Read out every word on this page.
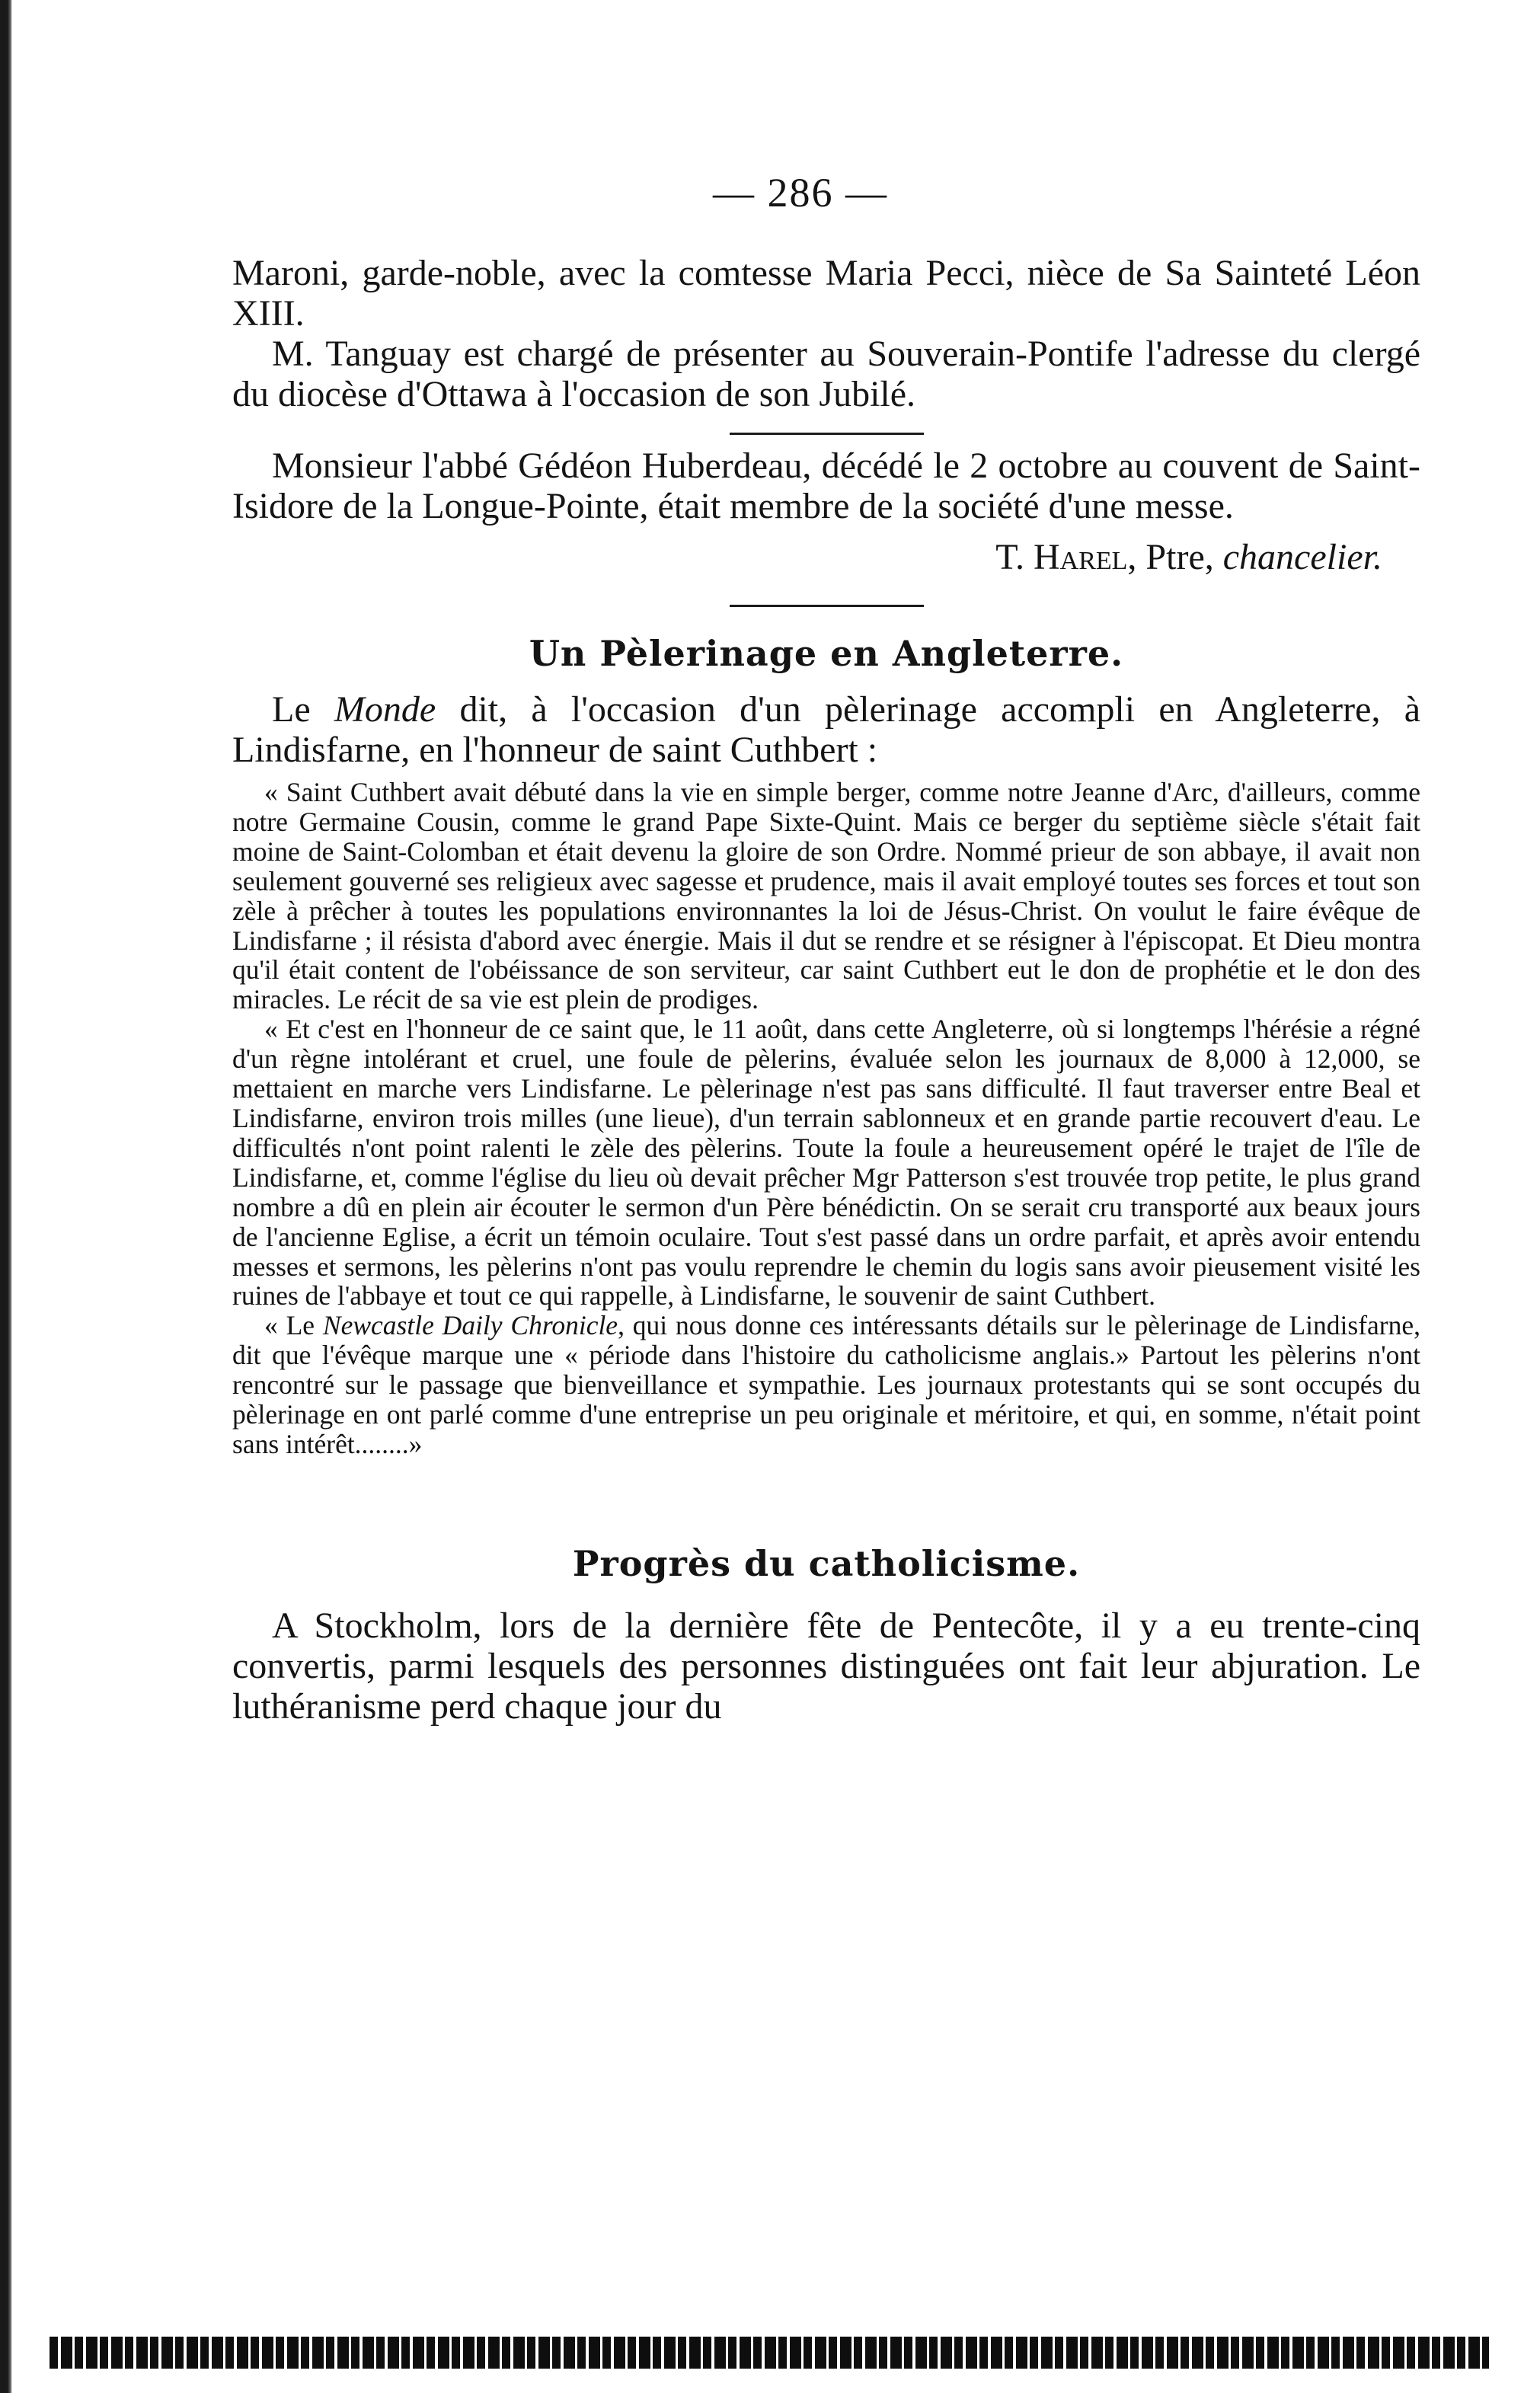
— 286 —

Maroni, garde-noble, avec la comtesse Maria Pecci, nièce de Sa Sainteté Léon XIII.

M. Tanguay est chargé de présenter au Souverain-Pontife l'adresse du clergé du diocèse d'Ottawa à l'occasion de son Jubilé.

Monsieur l'abbé Gédéon Huberdeau, décédé le 2 octobre au couvent de Saint-Isidore de la Longue-Pointe, était membre de la société d'une messe.

T. Harel, Ptre, chancelier.

Un Pèlerinage en Angleterre.

Le Monde dit, à l'occasion d'un pèlerinage accompli en Angleterre, à Lindisfarne, en l'honneur de saint Cuthbert :

« Saint Cuthbert avait débuté dans la vie en simple berger, comme notre Jeanne d'Arc, d'ailleurs, comme notre Germaine Cousin, comme le grand Pape Sixte-Quint. Mais ce berger du septième siècle s'était fait moine de Saint-Colomban et était devenu la gloire de son Ordre. Nommé prieur de son abbaye, il avait non seulement gouverné ses religieux avec sagesse et prudence, mais il avait employé toutes ses forces et tout son zèle à prêcher à toutes les populations environnantes la loi de Jésus-Christ. On voulut le faire évêque de Lindisfarne ; il résista d'abord avec énergie. Mais il dut se rendre et se résigner à l'épiscopat. Et Dieu montra qu'il était content de l'obéissance de son serviteur, car saint Cuthbert eut le don de prophétie et le don des miracles. Le récit de sa vie est plein de prodiges.

« Et c'est en l'honneur de ce saint que, le 11 août, dans cette Angleterre, où si longtemps l'hérésie a régné d'un règne intolérant et cruel, une foule de pèlerins, évaluée selon les journaux de 8,000 à 12,000, se mettaient en marche vers Lindisfarne. Le pèlerinage n'est pas sans difficulté. Il faut traverser entre Beal et Lindisfarne, environ trois milles (une lieue), d'un terrain sablonneux et en grande partie recouvert d'eau. Le difficultés n'ont point ralenti le zèle des pèlerins. Toute la foule a heureusement opéré le trajet de l'île de Lindisfarne, et, comme l'église du lieu où devait prêcher Mgr Patterson s'est trouvée trop petite, le plus grand nombre a dû en plein air écouter le sermon d'un Père bénédictin. On se serait cru transporté aux beaux jours de l'ancienne Eglise, a écrit un témoin oculaire. Tout s'est passé dans un ordre parfait, et après avoir entendu messes et sermons, les pèlerins n'ont pas voulu reprendre le chemin du logis sans avoir pieusement visité les ruines de l'abbaye et tout ce qui rappelle, à Lindisfarne, le souvenir de saint Cuthbert.

« Le Newcastle Daily Chronicle, qui nous donne ces intéressants détails sur le pèlerinage de Lindisfarne, dit que l'évêque marque une « période dans l'histoire du catholicisme anglais.» Partout les pèlerins n'ont rencontré sur le passage que bienveillance et sympathie. Les journaux protestants qui se sont occupés du pèlerinage en ont parlé comme d'une entreprise un peu originale et méritoire, et qui, en somme, n'était point sans intérêt........»

Progrès du catholicisme.

A Stockholm, lors de la dernière fête de Pentecôte, il y a eu trente-cinq convertis, parmi lesquels des personnes distinguées ont fait leur abjuration. Le luthéranisme perd chaque jour du
